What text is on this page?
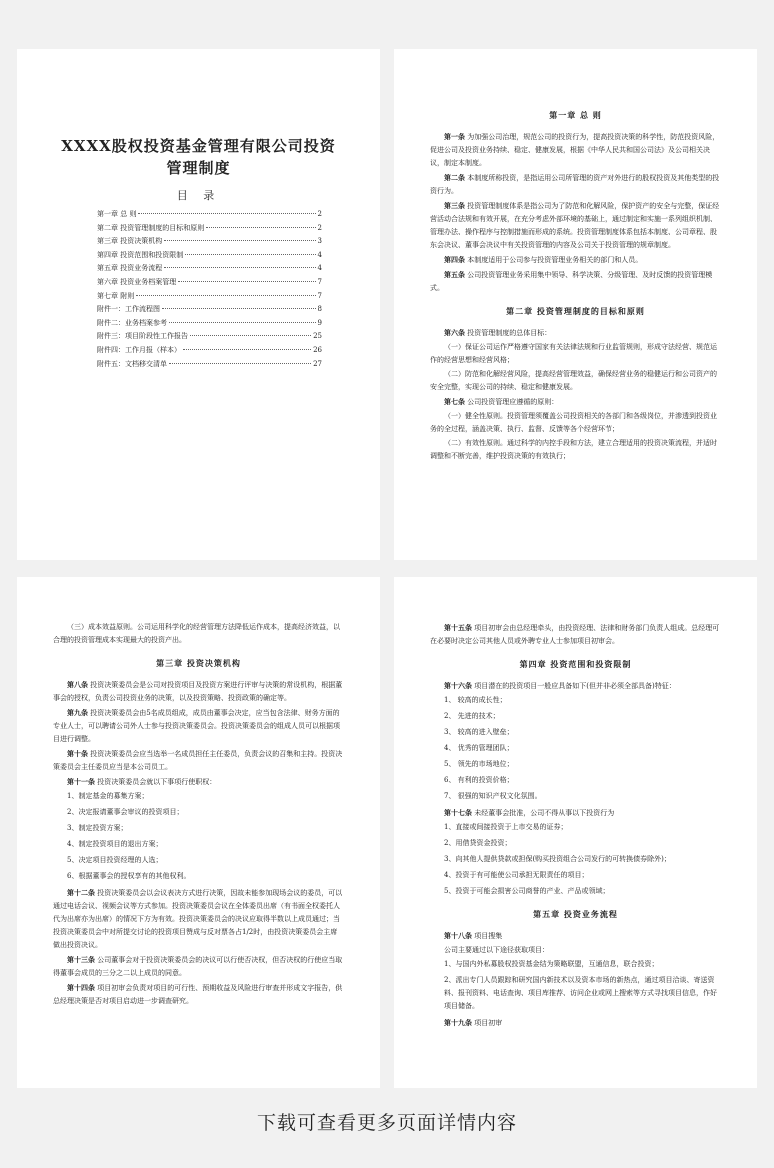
XXXX股权投资基金管理有限公司投资管理制度
目 录
第一章 总 则	2
第二章 投资管理制度的目标和原则	2
第三章 投资决策机构	3
第四章 投资范围和投资限制	4
第五章 投资业务流程	4
第六章 投资业务档案管理	7
第七章 附则	7
附件一：工作流程图	8
附件二：业务档案参考	9
附件三：项目阶段性工作报告	25
附件四：工作月报（样本）	26
附件五：文档移交清单	27
第一章 总 则

第一条 为加强公司治理，规范公司的投资行为，提高投资决策的科学性，防范投资风险，促进公司及投资业务持续、稳定、健康发展，根据《中华人民共和国公司法》及公司相关决议，制定本制度。

第二条 本制度所称投资，是指运用公司所管理的资产对外进行的股权投资及其他类型的投资行为。

第三条 投资管理制度体系是指公司为了防范和化解风险，保护资产的安全与完整，保证经营活动合法规和有效开展，在充分考虑外部环境的基础上，通过制定和实施一系列组织机制、管理办法、操作程序与控制措施而形成的系统。投资管理制度体系包括本制度、公司章程、股东会决议、董事会决议中有关投资管理的内容及公司关于投资管理的规章制度。

第四条 本制度适用于公司参与投资管理业务相关的部门和人员。

第五条 公司投资管理业务采用集中领导、科学决策、分级管理、及时反馈的投资管理模式。

第二章 投资管理制度的目标和原则

第六条 投资管理制度的总体目标：

（一）保证公司运作严格遵守国家有关法律法规和行业监管规则，形成守法经营、规范运作的经营思想和经营风格；

（二）防范和化解经营风险，提高经营管理效益，确保经营业务的稳健运行和公司资产的安全完整，实现公司的持续、稳定和健康发展。

第七条 公司投资管理应遵循的原则：

（一）健全性原则。投资管理须覆盖公司投资相关的各部门和各级岗位，并渗透到投资业务的全过程，涵盖决策、执行、监督、反馈等各个经营环节；

（二）有效性原则。通过科学的内控手段和方法，建立合理适用的投资决策流程，并适时调整和不断完善，维护投资决策的有效执行；

（三）成本效益原则。公司运用科学化的经营管理方法降低运作成本，提高经济效益，以合理的投资管理成本实现最大的投资产出。

第三章 投资决策机构

第八条 投资决策委员会是公司对投资项目及投资方案进行评审与决策的常设机构，根据董事会的授权，负责公司投资业务的决策，以及投资策略、投资政策的确定等。

第九条 投资决策委员会由5名成员组成，成员由董事会决定，应当包含法律、财务方面的专业人士，可以聘请公司外人士参与投资决策委员会。投资决策委员会的组成人员可以根据项目进行调整。

第十条 投资决策委员会应当选举一名成员担任主任委员，负责会议的召集和主持。投资决策委员会主任委员应当是本公司员工。

第十一条 投资决策委员会就以下事项行使职权：

1、制定基金的募集方案；

2、决定报请董事会审议的投资项目；

3、制定投资方案；

4、制定投资项目的退出方案；

5、决定项目投资经理的人选；

6、根据董事会的授权享有的其他权利。

第十二条 投资决策委员会以会议表决方式进行决策，因故未能参加现场会议的委员，可以通过电话会议、视频会议等方式参加。投资决策委员会议在全体委员出席（有书面全权委托人代为出席亦为出席）的情况下方为有效。投资决策委员会的决议应取得半数以上成员通过；当投资决策委员会中对所提交讨论的投资项目赞成与反对票各占1/2时，由投资决策委员会主席做出投资决议。

第十三条 公司董事会对于投资决策委员会的决议可以行使否决权，但否决权的行使应当取得董事会成员的三分之二以上成员的同意。

第十四条 项目初审会负责对项目的可行性、预期收益及风险进行审查并形成文字报告，供总经理决策是否对项目启动进一步调查研究。

第十五条 项目初审会由总经理牵头，由投资经理、法律和财务部门负责人组成。总经理可在必要时决定公司其他人员或外聘专业人士参加项目初审会。

第四章 投资范围和投资限制

第十六条 项目潜在的投资项目一般应具备如下(但并非必须全部具备)特征：

1、 较高的成长性；

2、 先进的技术；

3、 较高的进入壁垒；

4、 优秀的管理团队；

5、 领先的市场地位；

6、 有利的投资价格；

7、 很强的知识产权文化氛围。

第十七条 未经董事会批准，公司不得从事以下投资行为

1、直接或间接投资于上市交易的证券；

2、用借贷资金投资；

3、向其他人提供贷款或担保(购买投资组合公司发行的可转换债券除外)；

4、投资于有可能使公司承担无限责任的项目；

5、投资于可能会损害公司商誉的产业、产品或领域；

第五章 投资业务流程

第十八条 项目搜集

公司主要通过以下途径获取项目：

1、与国内外私募股权投资基金结为策略联盟，互通信息，联合投资；

2、派出专门人员跟踪和研究国内新技术以及资本市场的新热点，通过项目洽谈、寄送资料、报刊资料、电话查询、项目库推荐、访问企业或网上搜索等方式寻找项目信息，作好项目储备。

第十九条 项目初审

下载可查看更多页面详情内容
